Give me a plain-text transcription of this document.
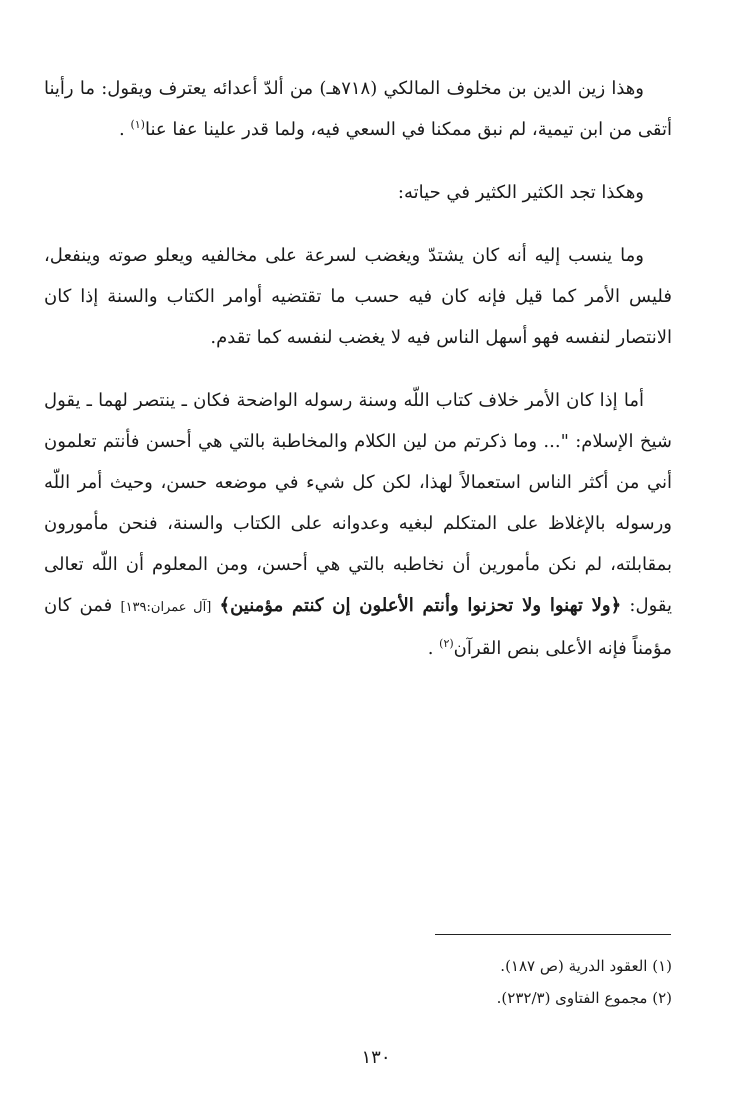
وهذا زين الدين بن مخلوف المالكي (٧١٨هـ) من ألدّ أعدائه يعترف ويقول: ما رأينا أتقى من ابن تيمية، لم نبق ممكنا في السعي فيه، ولما قدر علينا عفا عنا$^{(١)}$ .

وهكذا تجد الكثير الكثير في حياته:

وما ينسب إليه أنه كان يشتدّ ويغضب لسرعة على مخالفيه ويعلو صوته وينفعل، فليس الأمر كما قيل فإنه كان فيه حسب ما تقتضيه أوامر الكتاب والسنة إذا كان الانتصار لنفسه فهو أسهل الناس فيه لا يغضب لنفسه كما تقدم.

أما إذا كان الأمر خلاف كتاب اللّه وسنة رسوله الواضحة فكان ـ ينتصر لهما ـ يقول شيخ الإسلام: "... وما ذكرتم من لين الكلام والمخاطبة بالتي هي أحسن فأنتم تعلمون أني من أكثر الناس استعمالاً لهذا، لكن كل شيء في موضعه حسن، وحيث أمر اللّه ورسوله بالإغلاظ على المتكلم لبغيه وعدوانه على الكتاب والسنة، فنحن مأمورون بمقابلته، لم نكن مأمورين أن نخاطبه بالتي هي أحسن، ومن المعلوم أن اللّه تعالى يقول: ﴿ولا تهنوا ولا تحزنوا وأنتم الأعلون إن كنتم مؤمنين﴾ [آل عمران:١٣٩] فمن كان مؤمناً فإنه الأعلى بنص القرآن$^{(٢)}$ .

(١) العقود الدرية (ص ١٨٧).
(٢) مجموع الفتاوى (٢٣٢/٣).
١٣٠
